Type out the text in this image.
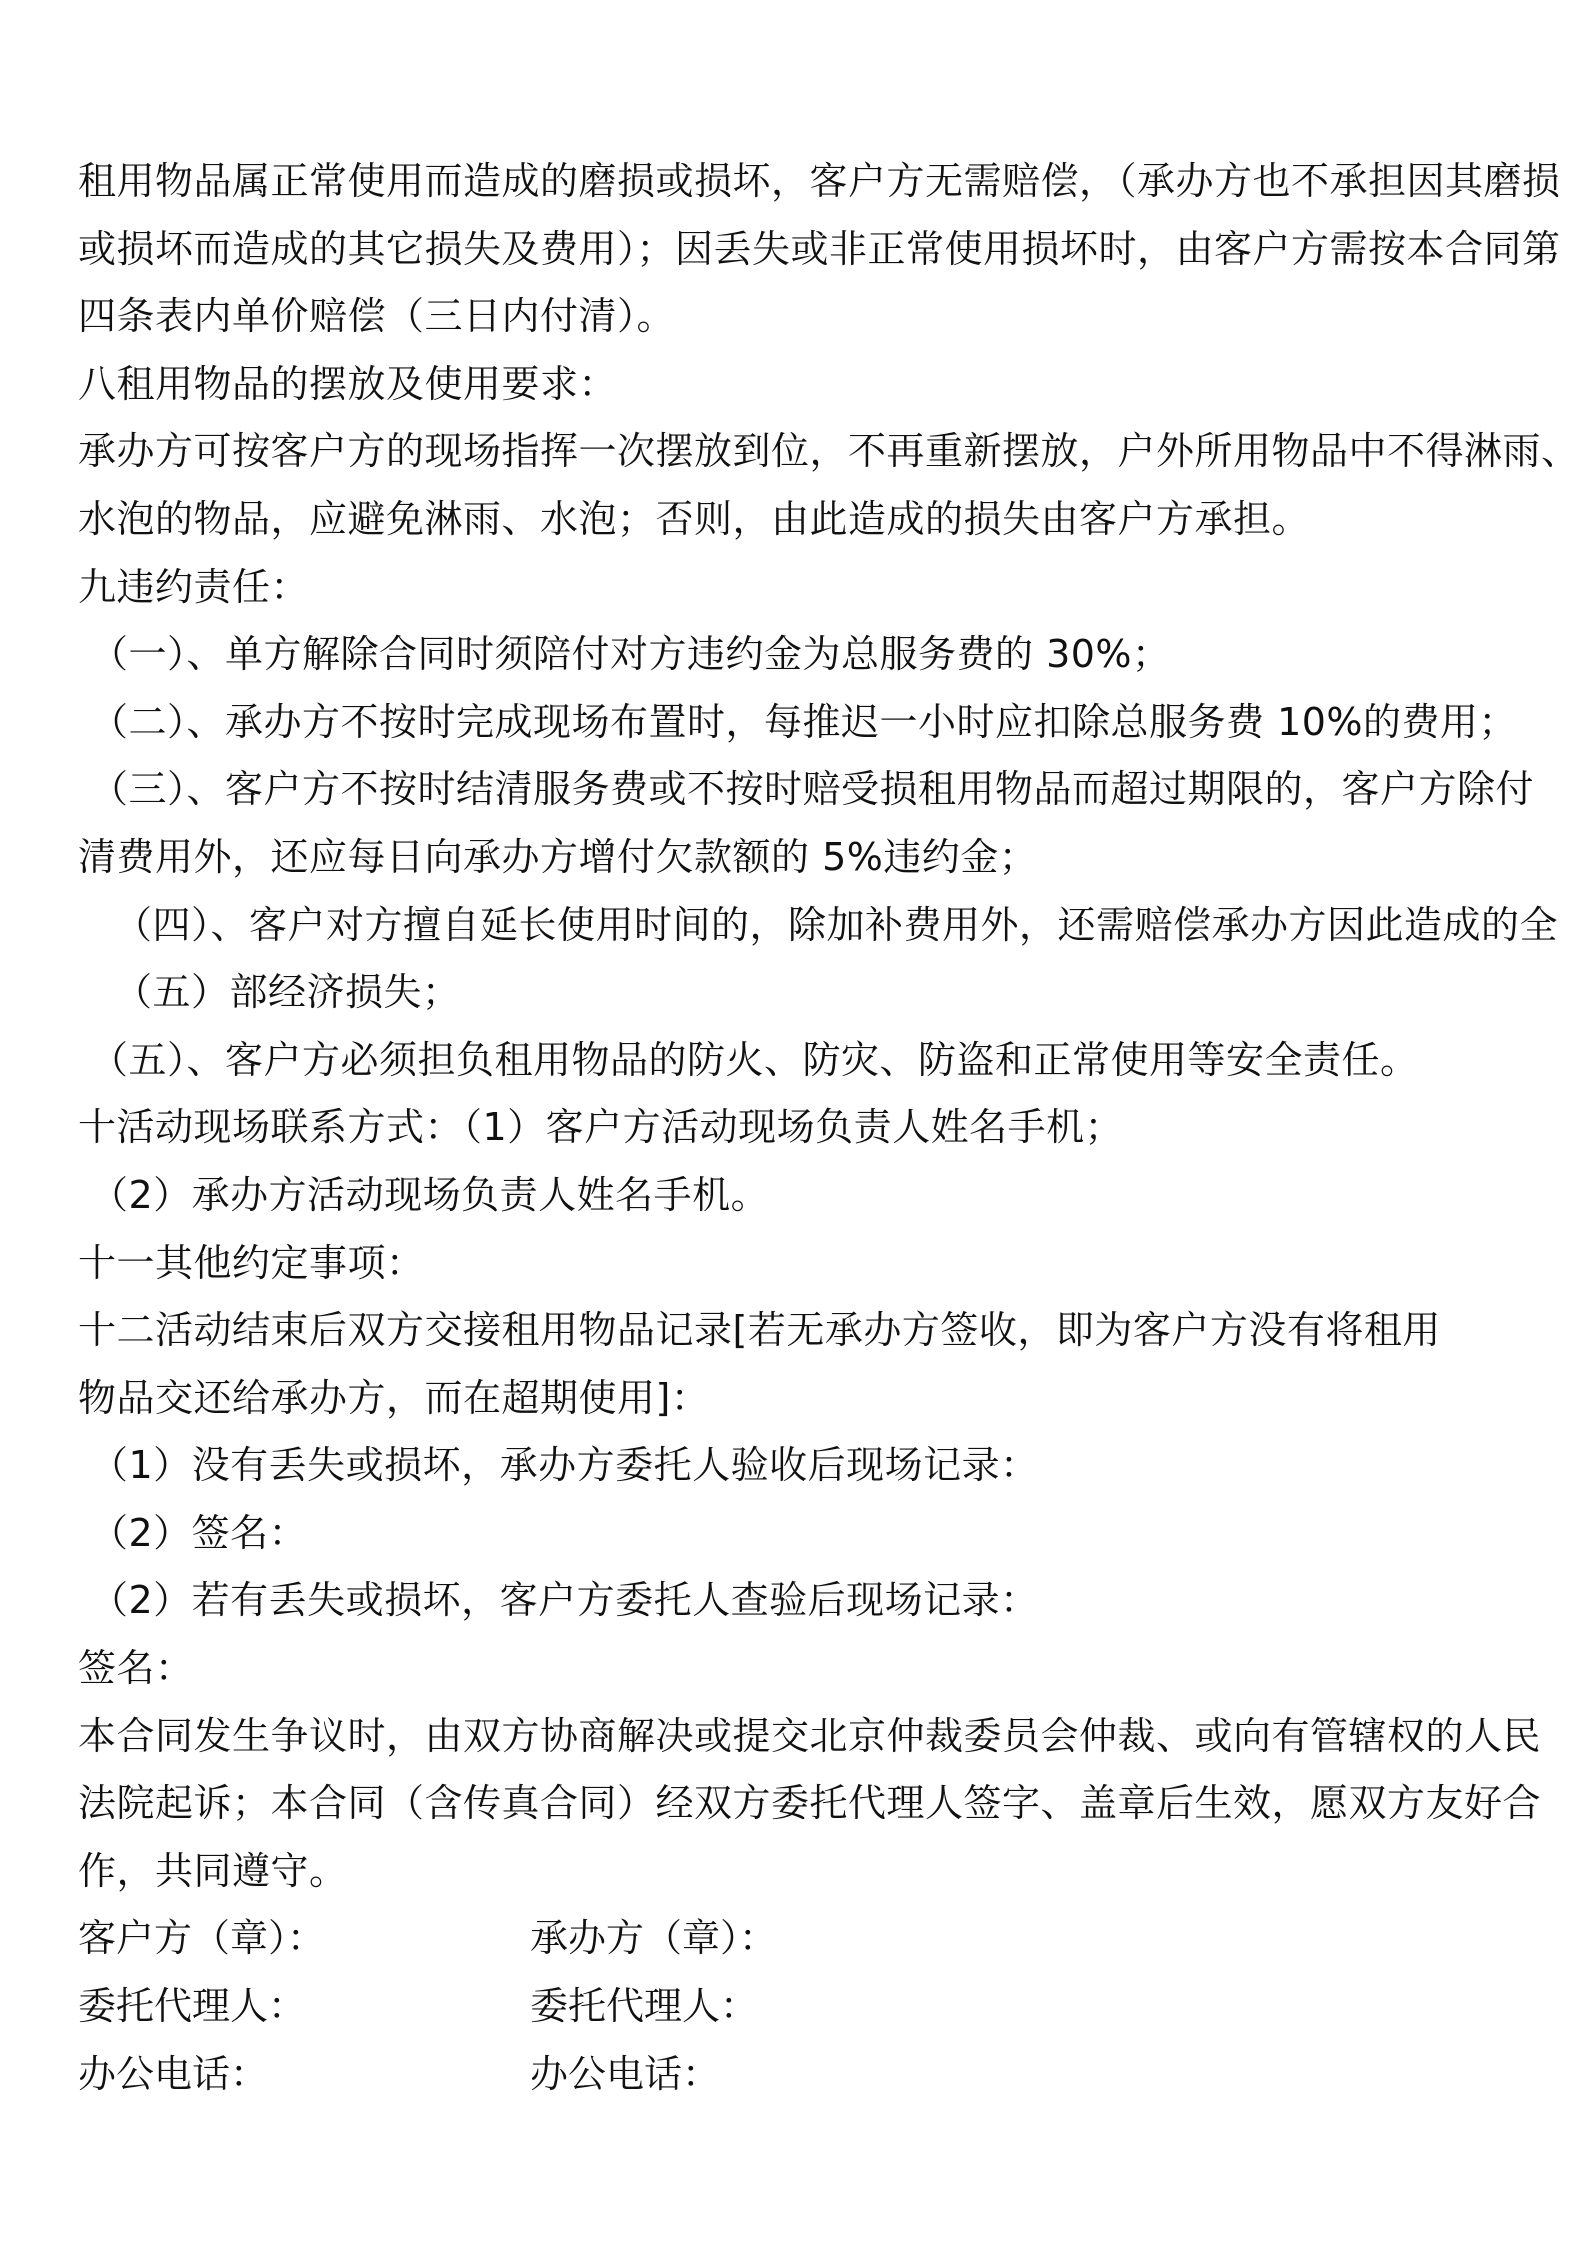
租用物品属正常使用而造成的磨损或损坏，客户方无需赔偿，（承办方也不承担因其磨损
或损坏而造成的其它损失及费用）；因丢失或非正常使用损坏时，由客户方需按本合同第
四条表内单价赔偿（三日内付清）。
八租用物品的摆放及使用要求：
承办方可按客户方的现场指挥一次摆放到位，不再重新摆放，户外所用物品中不得淋雨、
水泡的物品，应避免淋雨、水泡；否则，由此造成的损失由客户方承担。
九违约责任：
（一）、单方解除合同时须陪付对方违约金为总服务费的 30%；
（二）、承办方不按时完成现场布置时，每推迟一小时应扣除总服务费 10%的费用；
（三）、客户方不按时结清服务费或不按时赔受损租用物品而超过期限的，客户方除付
清费用外，还应每日向承办方增付欠款额的 5%违约金；
（四）、客户对方擅自延长使用时间的，除加补费用外，还需赔偿承办方因此造成的全
（五）部经济损失；
（五）、客户方必须担负租用物品的防火、防灾、防盗和正常使用等安全责任。
十活动现场联系方式：（1）客户方活动现场负责人姓名手机；
（2）承办方活动现场负责人姓名手机。
十一其他约定事项：
十二活动结束后双方交接租用物品记录[若无承办方签收，即为客户方没有将租用
物品交还给承办方，而在超期使用]：
（1）没有丢失或损坏，承办方委托人验收后现场记录：
（2）签名：
（2）若有丢失或损坏，客户方委托人查验后现场记录：
签名：
本合同发生争议时，由双方协商解决或提交北京仲裁委员会仲裁、或向有管辖权的人民
法院起诉；本合同（含传真合同）经双方委托代理人签字、盖章后生效，愿双方友好合
作，共同遵守。
客户方（章）：	承办方（章）：
委托代理人：	委托代理人：
办公电话：	办公电话：
